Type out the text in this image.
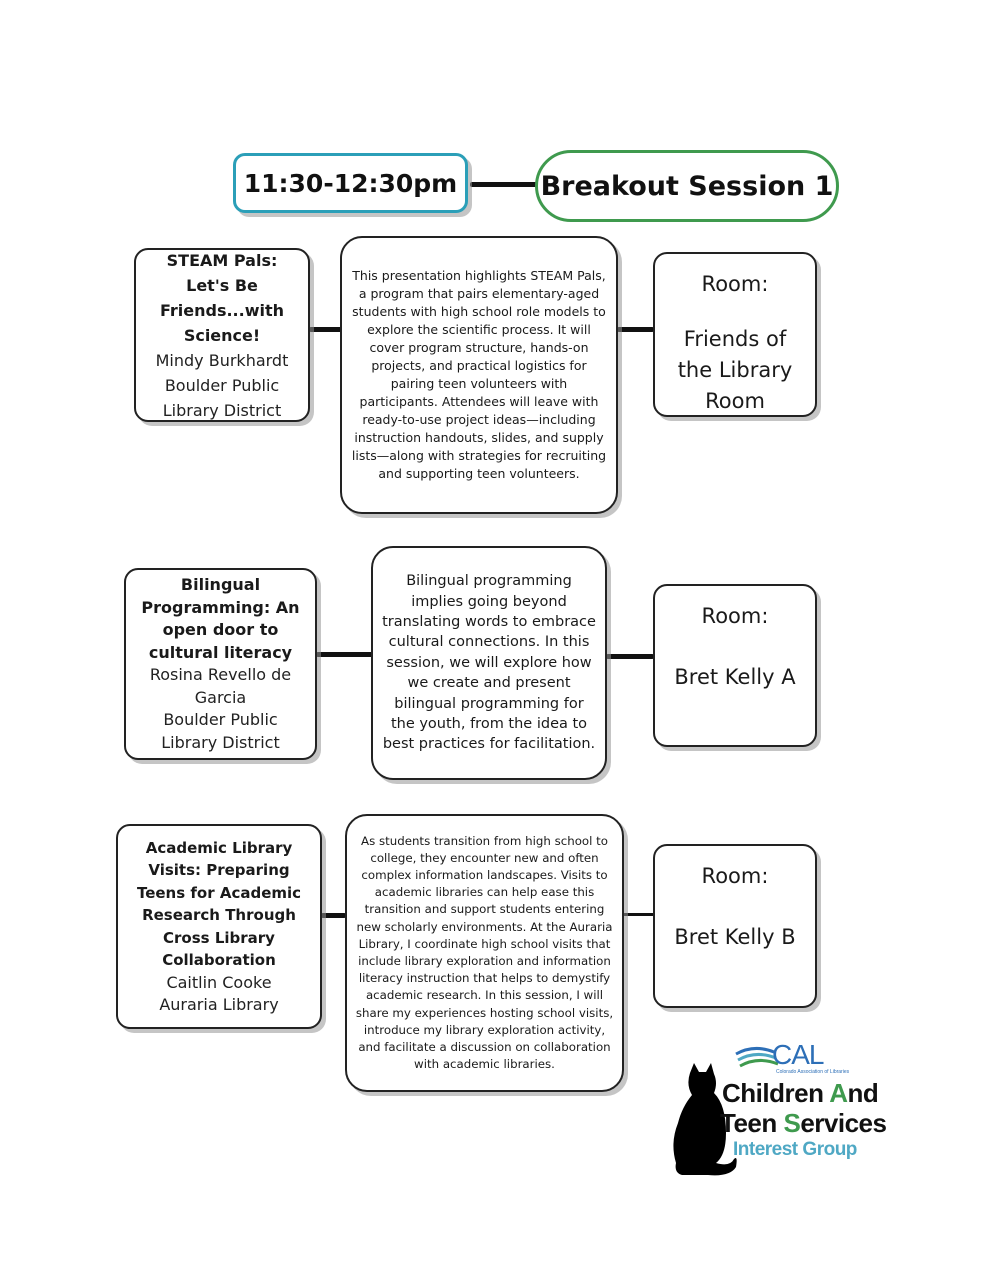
11:30-12:30pm	Breakout Session 1
STEAM Pals: Let's Be Friends...with Science!
Mindy Burkhardt
Boulder Public Library District
This presentation highlights STEAM Pals, a program that pairs elementary-aged students with high school role models to explore the scientific process. It will cover program structure, hands-on projects, and practical logistics for pairing teen volunteers with participants. Attendees will leave with ready-to-use project ideas—including instruction handouts, slides, and supply lists—along with strategies for recruiting and supporting teen volunteers.
Room:
Friends of the Library Room
Bilingual Programming: An open door to cultural literacy
Rosina Revello de Garcia
Boulder Public Library District
Bilingual programming implies going beyond translating words to embrace cultural connections. In this session, we will explore how we create and present bilingual programming for the youth, from the idea to best practices for facilitation.
Room:
Bret Kelly A
Academic Library Visits: Preparing Teens for Academic Research Through Cross Library Collaboration
Caitlin Cooke
Auraria Library
As students transition from high school to college, they encounter new and often complex information landscapes. Visits to academic libraries can help ease this transition and support students entering new scholarly environments. At the Auraria Library, I coordinate high school visits that include library exploration and information literacy instruction that helps to demystify academic research. In this session, I will share my experiences hosting school visits, introduce my library exploration activity, and facilitate a discussion on collaboration with academic libraries.
Room:
Bret Kelly B
CAL
Colorado Association of Libraries
Children And
Teen Services
Interest Group
